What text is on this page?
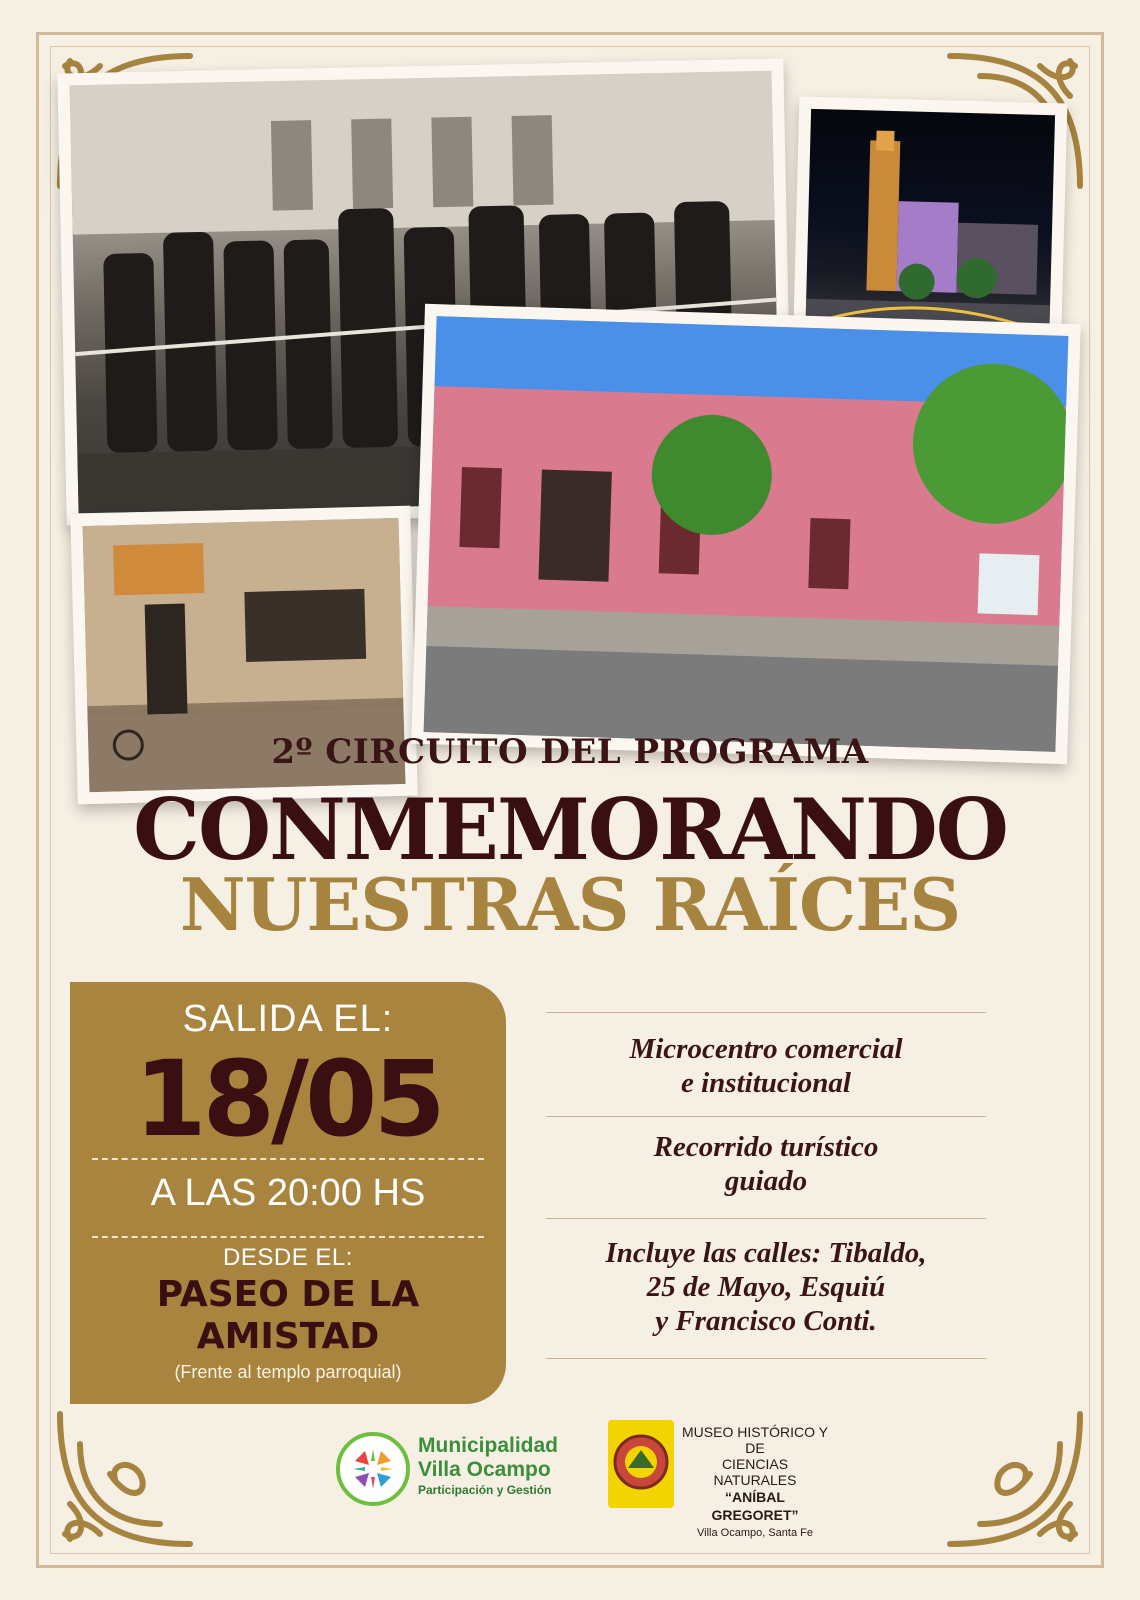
2º CIRCUITO DEL PROGRAMA
CONMEMORANDO
NUESTRAS RAÍCES
SALIDA EL:
18/05
A LAS 20:00 HS
DESDE EL:
PASEO DE LA
AMISTAD
(Frente al templo parroquial)
Microcentro comercial
e institucional
Recorrido turístico
guiado
Incluye las calles: Tibaldo,
25 de Mayo, Esquiú
y Francisco Conti.
Municipalidad
Villa Ocampo
Participación y Gestión
MUSEO HISTÓRICO Y DE
CIENCIAS NATURALES
“ANÍBAL GREGORET”
Villa Ocampo, Santa Fe
